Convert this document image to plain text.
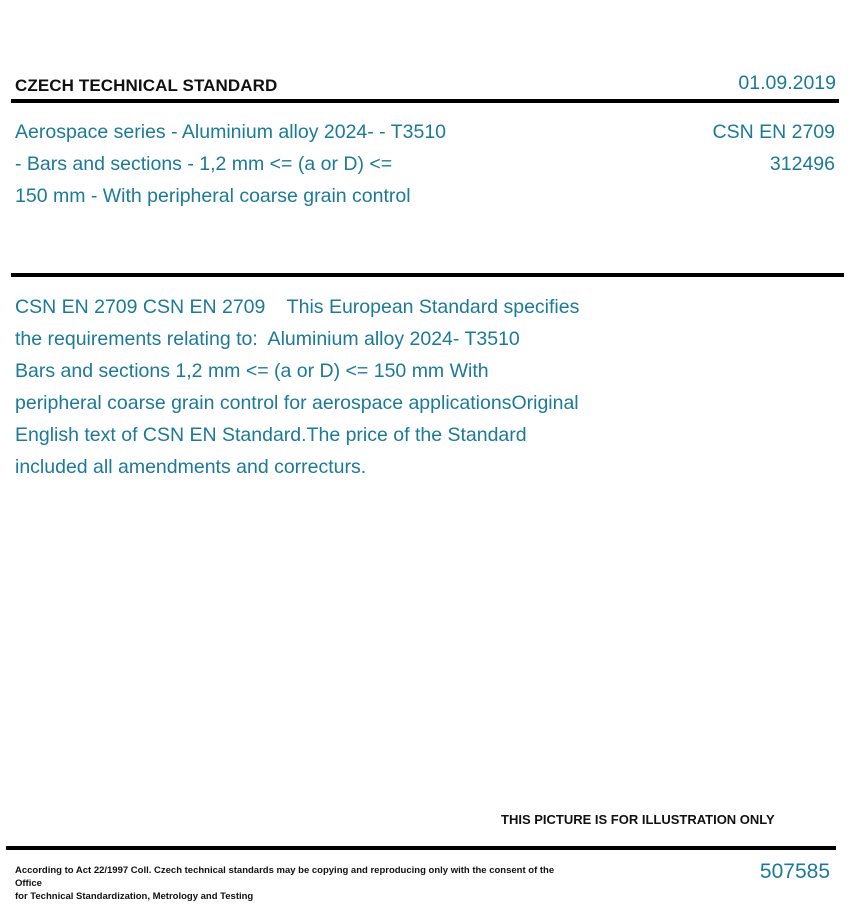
CZECH TECHNICAL STANDARD	01.09.2019
Aerospace series - Aluminium alloy 2024- - T3510
- Bars and sections - 1,2 mm <= (a or D) <=
150 mm - With peripheral coarse grain control
CSN EN 2709
312496
CSN EN 2709 CSN EN 2709    This European Standard specifies
the requirements relating to:  Aluminium alloy 2024- T3510
Bars and sections 1,2 mm <= (a or D) <= 150 mm With
peripheral coarse grain control for aerospace applicationsOriginal
English text of CSN EN Standard.The price of the Standard
included all amendments and correcturs.
THIS PICTURE IS FOR ILLUSTRATION ONLY
According to Act 22/1997 Coll. Czech technical standards may be copying and reproducing only with the consent of the Office
for Technical Standardization, Metrology and Testing
507585
